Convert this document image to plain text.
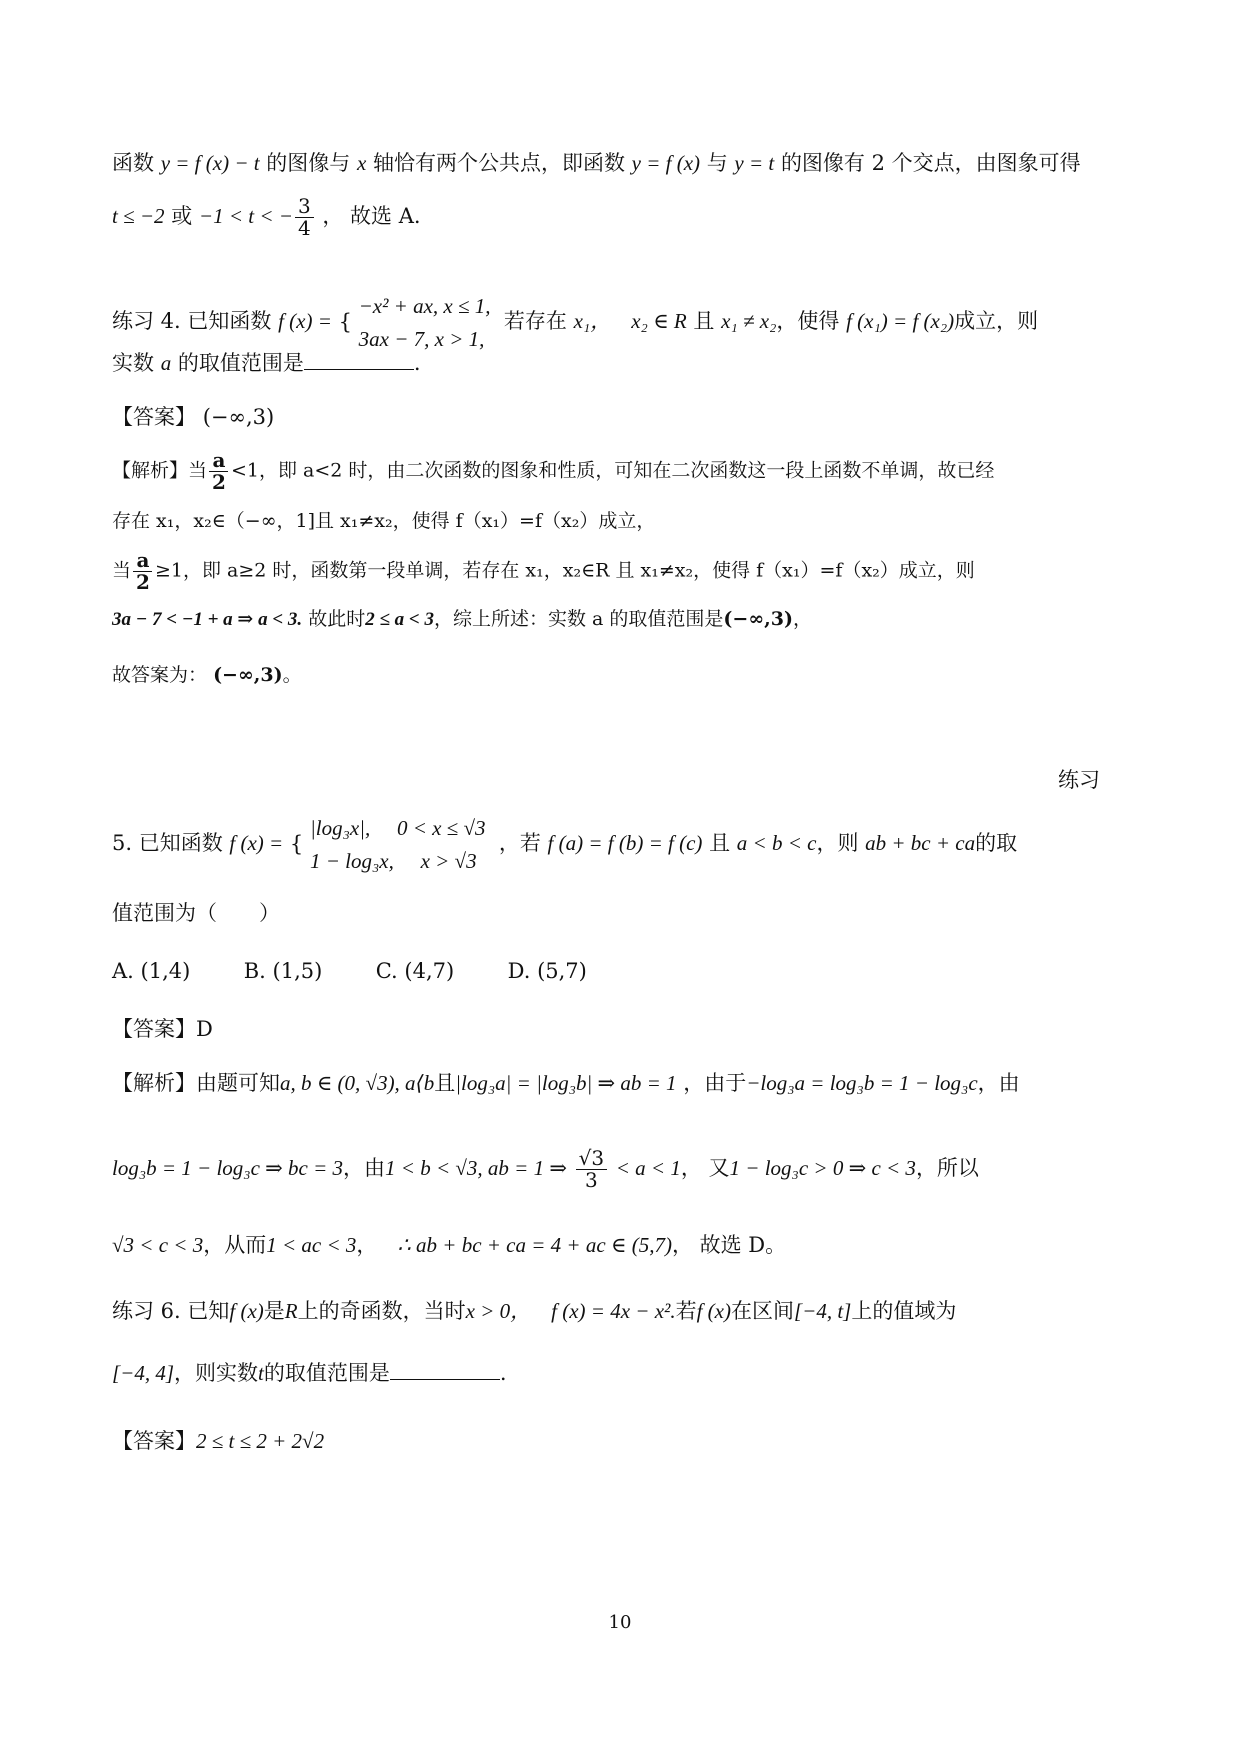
函数 y = f (x) − t 的图像与 x 轴恰有两个公共点，即函数 y = f (x) 与 y = t 的图像有 2 个交点，由图象可得
t ≤ −2 或 −1 < t < − $\frac{3}{4}$ ， 故选 A.
练习 4. 已知函数 f (x) = {
−x² + ax, x ≤ 1,
3ax − 7, x > 1,
若存在 x₁， x₂ ∈ R 且 x₁ ≠ x₂，使得 f (x₁) = f (x₂)成立，则
实数 a 的取值范围是	.
【答案】 (−∞,3)
【解析】当 $\frac{a}{2} <1$，即 a<2 时，由二次函数的图象和性质，可知在二次函数这一段上函数不单调，故已经
存在 x₁，x₂∈（−∞，1]且 x₁≠x₂，使得 f（x₁）=f（x₂）成立，
当 $\frac{a}{2} \ge 1$，即 a≥2 时，函数第一段单调，若存在 x₁，x₂∈R 且 x₁≠x₂，使得 f（x₁）=f（x₂）成立，则
3a − 7 < −1 + a ⇒ a < 3. 故此时2 ≤ a < 3，综上所述：实数 a 的取值范围是(−∞,3)，
故答案为： (−∞,3)。
练习
5. 已知函数 f (x) = {
|log₃x|, 0 < x ≤ √3
1 − log₃x, x > √3
，若 f (a) = f (b) = f (c) 且 a < b < c，则 ab + bc + ca的取
值范围为（　　）
A. (1,4)	B. (1,5)	C. (4,7)	D. (5,7)
【答案】D
【解析】由题可知a, b ∈ (0, √3), a⟨b且|log₃a| = |log₃b| ⇒ ab = 1 ，由于−log₃a = log₃b = 1 − log₃c，由
log₃b = 1 − log₃c ⇒ bc = 3，由1 < b < √3, ab = 1 ⇒ $\frac{√3}{3} < a < 1$， 又1 − log₃c > 0 ⇒ c < 3，所以
√3 < c < 3，从而1 < ac < 3， ∴ ab + bc + ca = 4 + ac ∈ (5,7)， 故选 D。
练习 6. 已知f (x)是R上的奇函数，当时x > 0， f (x) = 4x − x².若f (x)在区间[−4, t]上的值域为
[−4, 4]，则实数t的取值范围是	.
【答案】2 ≤ t ≤ 2 + 2√2
10
